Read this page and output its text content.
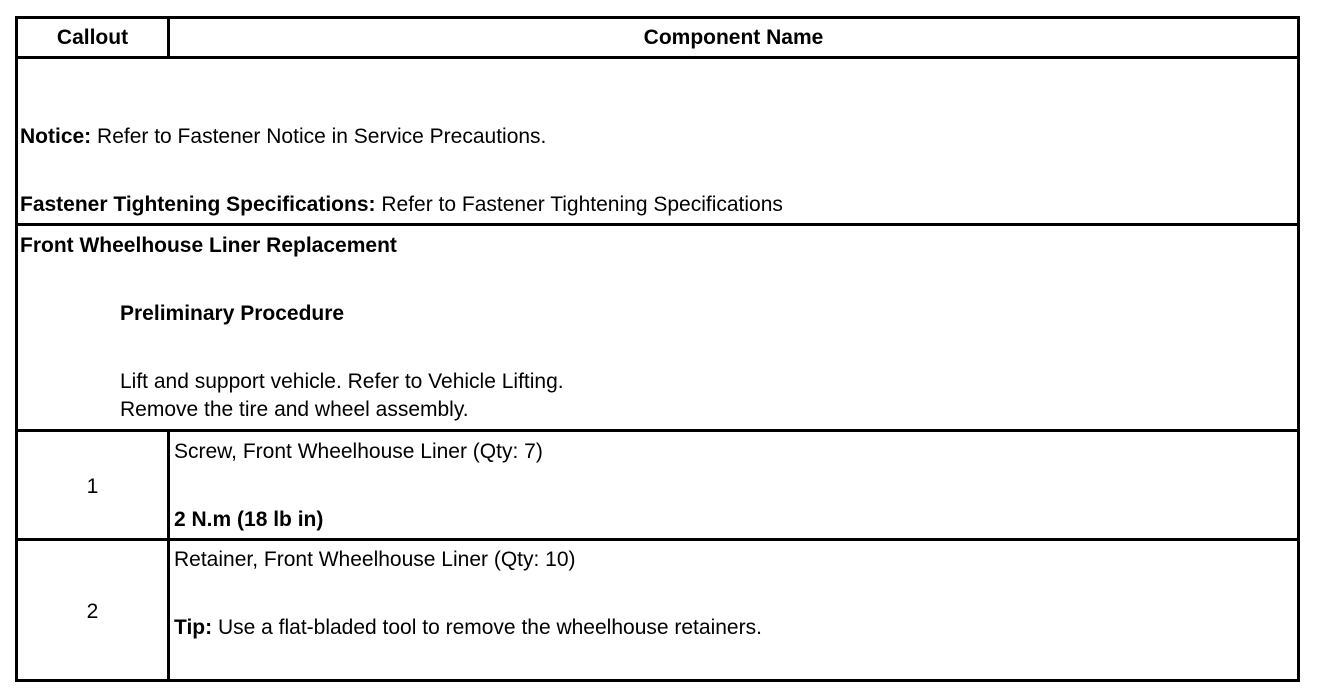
Callout	Component Name
Notice: Refer to Fastener Notice in Service Precautions.
Fastener Tightening Specifications: Refer to Fastener Tightening Specifications
Front Wheelhouse Liner Replacement
Preliminary Procedure
Lift and support vehicle. Refer to Vehicle Lifting.
Remove the tire and wheel assembly.
1
Screw, Front Wheelhouse Liner (Qty: 7)
2 N.m (18 lb in)
2
Retainer, Front Wheelhouse Liner (Qty: 10)
Tip: Use a flat-bladed tool to remove the wheelhouse retainers.
